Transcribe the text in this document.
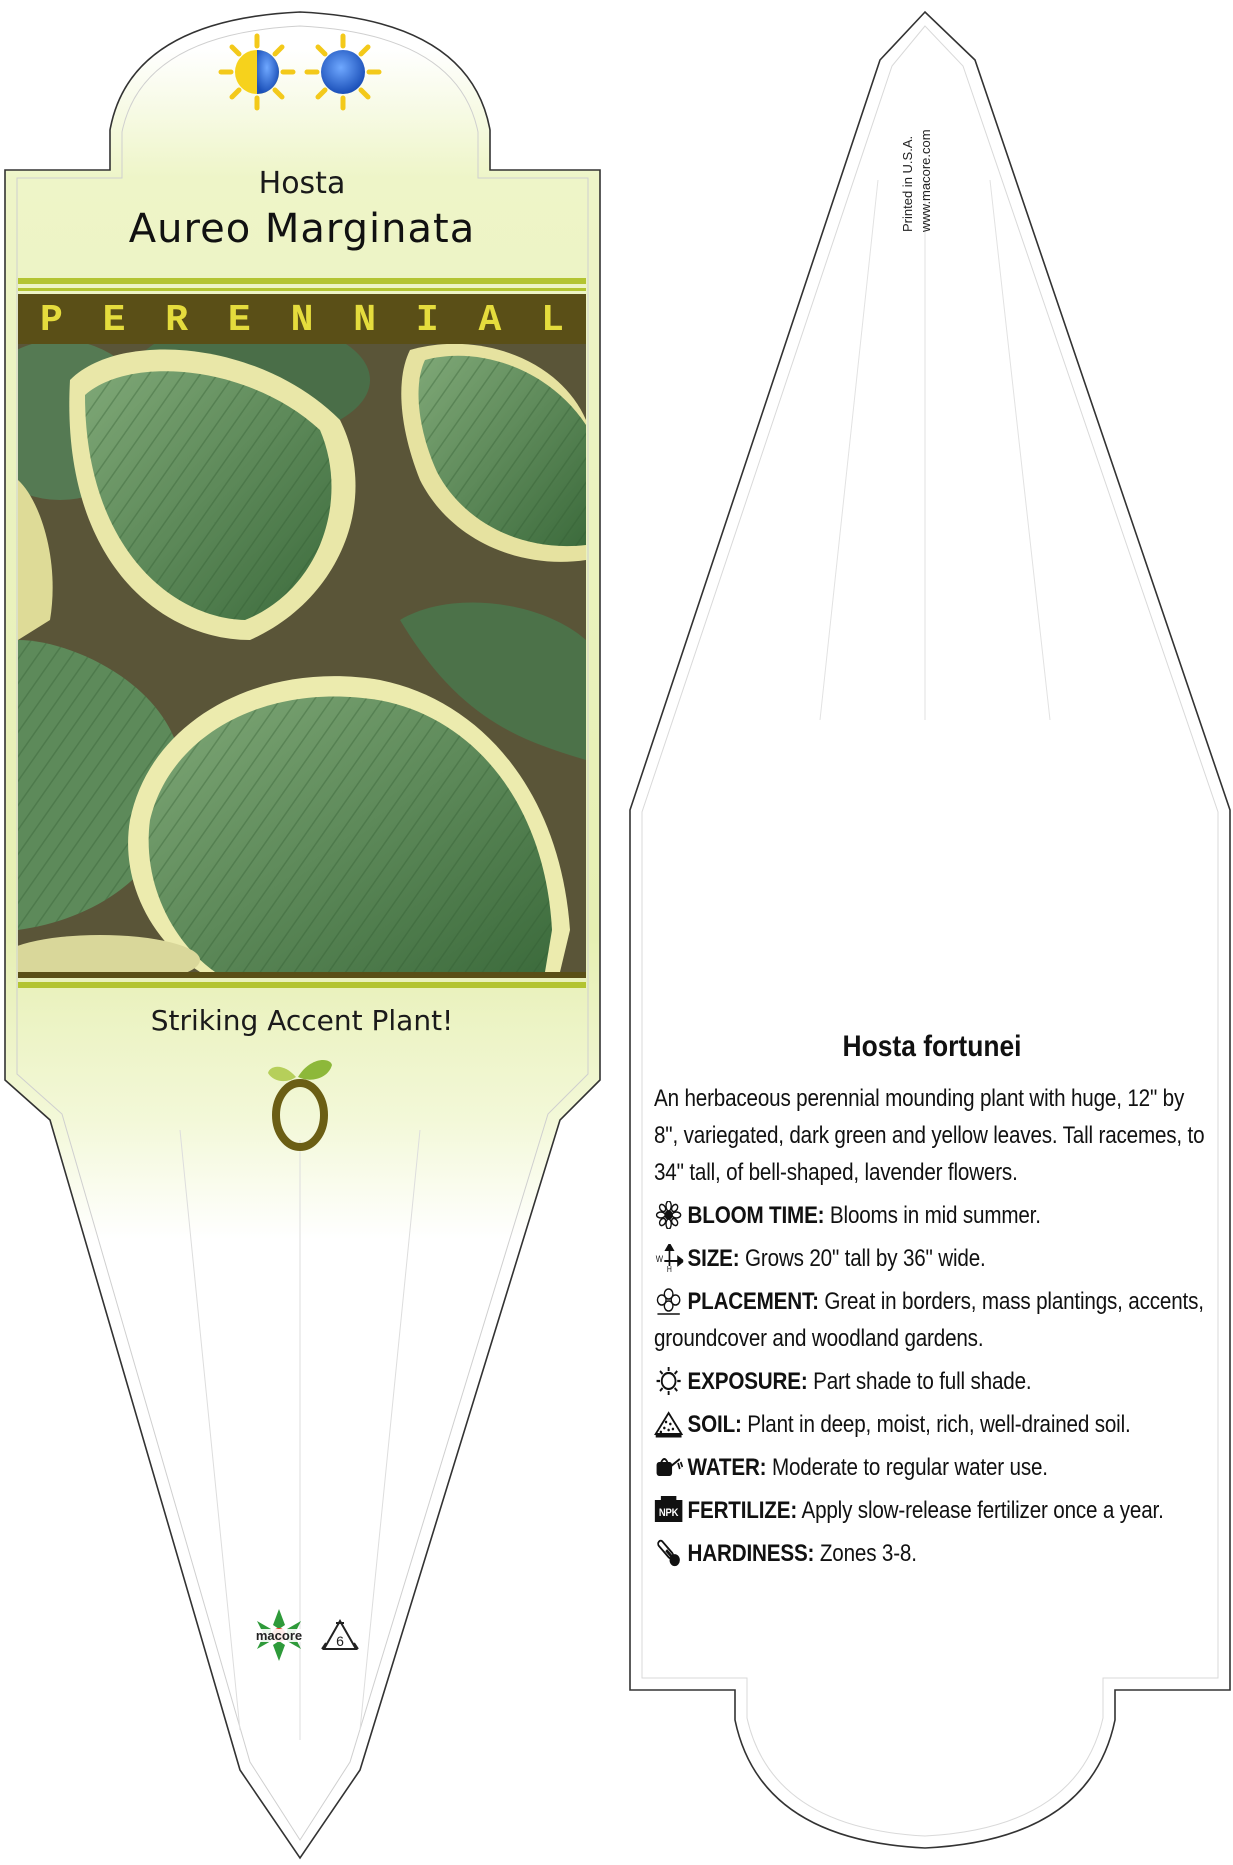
macore 6
Hosta
Aureo Marginata
P E R E N N I A L
Striking Accent Plant!
Printed in U.S.A. www.macore.com
Hosta fortunei
An herbaceous perennial mounding plant with huge, 12" by 8", variegated, dark green and yellow leaves. Tall racemes, to 34" tall, of bell-shaped, lavender flowers.
BLOOM TIME: Blooms in mid summer.
W
H SIZE: Grows 20" tall by 36" wide.
PLACEMENT: Great in borders, mass plantings, accents, groundcover and woodland gardens.
EXPOSURE: Part shade to full shade.
SOIL: Plant in deep, moist, rich, well-drained soil.
WATER: Moderate to regular water use.
NPK FERTILIZE: Apply slow-release fertilizer once a year.
HARDINESS: Zones 3-8.
